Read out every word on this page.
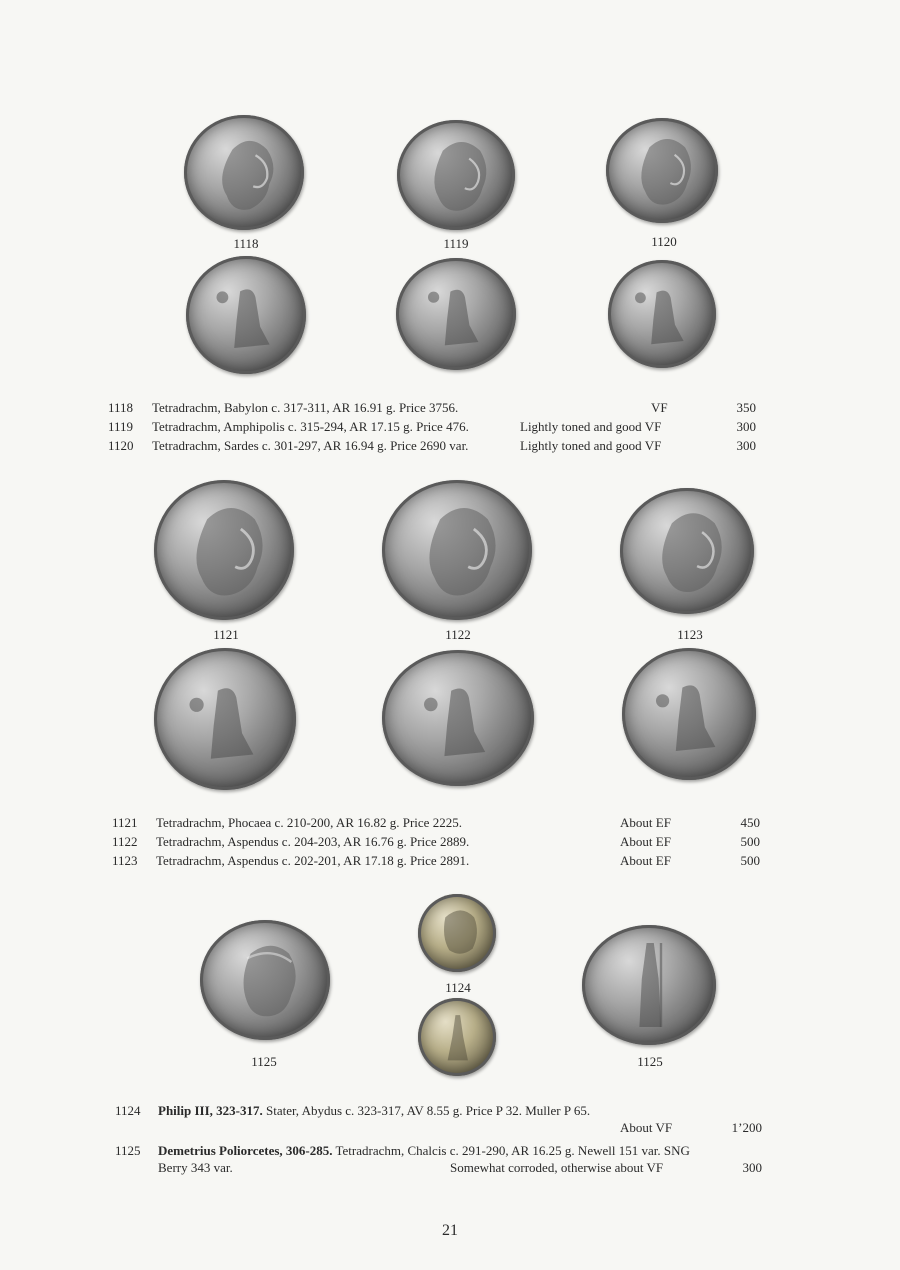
1118	1119	1120
1118 Tetradrachm, Babylon c. 317-311, AR 16.91 g. Price 3756.	VF	350
1119 Tetradrachm, Amphipolis c. 315-294, AR 17.15 g. Price 476.	Lightly toned and good VF	300
1120 Tetradrachm, Sardes c. 301-297, AR 16.94 g. Price 2690 var.	Lightly toned and good VF	300
1121	1122	1123
1121 Tetradrachm, Phocaea c. 210-200, AR 16.82 g. Price 2225.	About EF	450
1122 Tetradrachm, Aspendus c. 204-203, AR 16.76 g. Price 2889.	About EF	500
1123 Tetradrachm, Aspendus c. 202-201, AR 17.18 g. Price 2891.	About EF	500
1124
1125	1125
1124 Philip III, 323-317. Stater, Abydus c. 323-317, AV 8.55 g. Price P 32. Muller P 65.
About VF	1’200
1125 Demetrius Poliorcetes, 306-285. Tetradrachm, Chalcis c. 291-290, AR 16.25 g. Newell 151 var. SNG
Berry 343 var.	Somewhat corroded, otherwise about VF	300
21
